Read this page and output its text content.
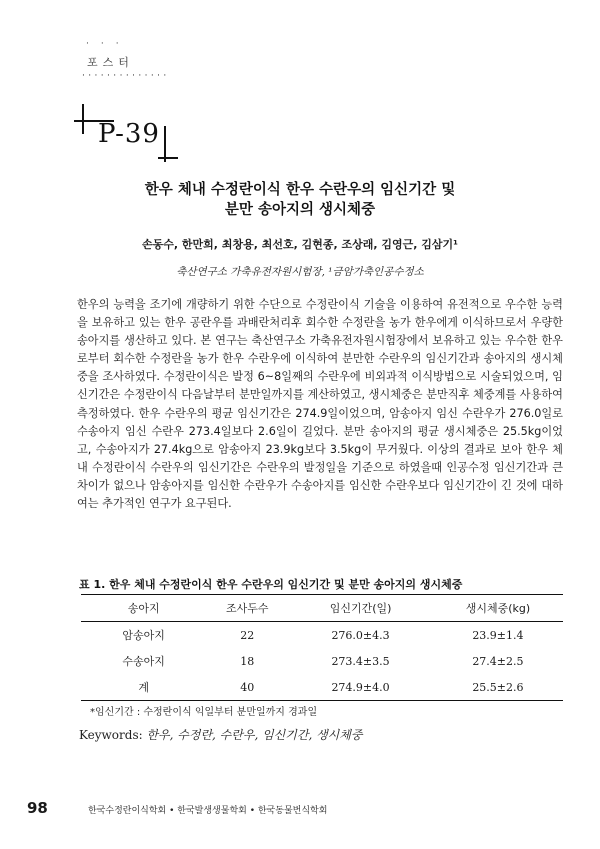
···
포스터
··············
P-39
한우 체내 수정란이식 한우 수란우의 임신기간 및
분만 송아지의 생시체중
손동수, 한만희, 최창용, 최선호, 김현종, 조상래, 김영근, 김삼기¹
축산연구소 가축유전자원시험장, ¹금암가축인공수정소
한우의 능력을 조기에 개량하기 위한 수단으로 수정란이식 기술을 이용하여 유전적으로 우수한 능력을 보유하고 있는 한우 공란우를 과배란처리후 회수한 수정란을 농가 한우에게 이식하므로서 우량한 송아지를 생산하고 있다. 본 연구는 축산연구소 가축유전자원시험장에서 보유하고 있는 우수한 한우로부터 회수한 수정란을 농가 한우 수란우에 이식하여 분만한 수란우의 임신기간과 송아지의 생시체중을 조사하였다. 수정란이식은 발정 6~8일째의 수란우에 비외과적 이식방법으로 시술되었으며, 임신기간은 수정란이식 다음날부터 분만일까지를 계산하였고, 생시체중은 분만직후 체중계를 사용하여 측정하였다. 한우 수란우의 평균 임신기간은 274.9일이었으며, 암송아지 임신 수란우가 276.0일로 수송아지 임신 수란우 273.4일보다 2.6일이 길었다. 분만 송아지의 평균 생시체중은 25.5kg이었고, 수송아지가 27.4kg으로 암송아지 23.9kg보다 3.5kg이 무거웠다. 이상의 결과로 보아 한우 체내 수정란이식 수란우의 임신기간은 수란우의 발정일을 기준으로 하였을때 인공수정 임신기간과 큰 차이가 없으나 암송아지를 임신한 수란우가 수송아지를 임신한 수란우보다 임신기간이 긴 것에 대하여는 추가적인 연구가 요구된다.
표 1. 한우 체내 수정란이식 한우 수란우의 임신기간 및 분만 송아지의 생시체중
송아지	조사두수	임신기간(일)	생시체중(kg)
암송아지	22	276.0±4.3	23.9±1.4
수송아지	18	273.4±3.5	27.4±2.5
계	40	274.9±4.0	25.5±2.6
*임신기간 : 수정란이식 익일부터 분만일까지 경과일
Keywords: 한우, 수정란, 수란우, 임신기간, 생시체중
98	한국수정란이식학회 • 한국발생생물학회 • 한국동물번식학회
